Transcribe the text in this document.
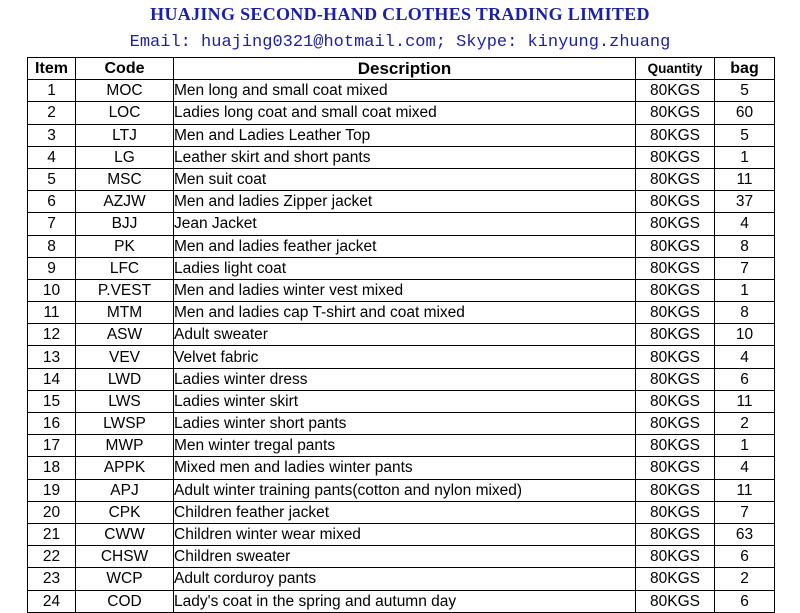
HUAJING SECOND-HAND CLOTHES TRADING LIMITED
Email: huajing0321@hotmail.com; Skype: kinyung.zhuang
Item	Code	Description	Quantity	bag
1	MOC	Men long and small coat mixed	80KGS	5
2	LOC	Ladies long coat and small coat mixed	80KGS	60
3	LTJ	Men and Ladies Leather Top	80KGS	5
4	LG	Leather skirt and short pants	80KGS	1
5	MSC	Men suit coat	80KGS	11
6	AZJW	Men and ladies Zipper jacket	80KGS	37
7	BJJ	Jean Jacket	80KGS	4
8	PK	Men and ladies feather jacket	80KGS	8
9	LFC	Ladies light coat	80KGS	7
10	P.VEST	Men and ladies winter vest mixed	80KGS	1
11	MTM	Men and ladies cap T-shirt and coat mixed	80KGS	8
12	ASW	Adult sweater	80KGS	10
13	VEV	Velvet fabric	80KGS	4
14	LWD	Ladies winter dress	80KGS	6
15	LWS	Ladies winter skirt	80KGS	11
16	LWSP	Ladies winter short pants	80KGS	2
17	MWP	Men winter tregal pants	80KGS	1
18	APPK	Mixed men and ladies winter pants	80KGS	4
19	APJ	Adult winter training pants(cotton and nylon mixed)	80KGS	11
20	CPK	Children feather jacket	80KGS	7
21	CWW	Children winter wear mixed	80KGS	63
22	CHSW	Children sweater	80KGS	6
23	WCP	Adult corduroy pants	80KGS	2
24	COD	Lady's coat in the spring and autumn day	80KGS	6
